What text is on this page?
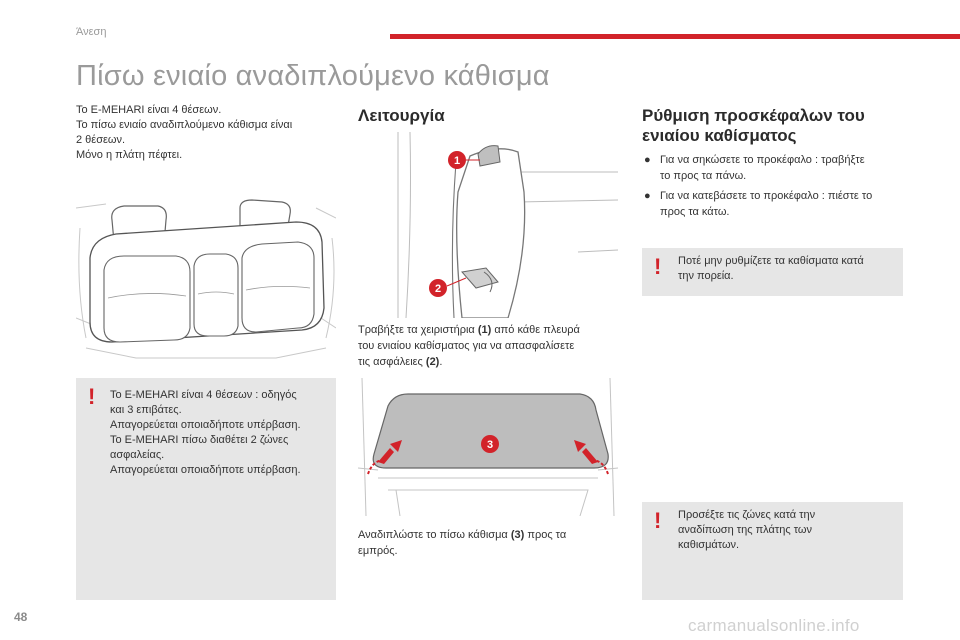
Άνεση
Πίσω ενιαίο αναδιπλούμενο κάθισμα
Το E-MEHARI είναι 4 θέσεων.
Το πίσω ενιαίο αναδιπλούμενο κάθισμα είναι
2 θέσεων.
Μόνο η πλάτη πέφτει.
! Το E-MEHARI είναι 4 θέσεων : οδηγός
και 3 επιβάτες.
Απαγορεύεται οποιαδήποτε υπέρβαση.
Το E-MEHARI πίσω διαθέτει 2 ζώνες
ασφαλείας.
Απαγορεύεται οποιαδήποτε υπέρβαση.
Λειτουργία
1
2
Τραβήξτε τα χειριστήρια (1) από κάθε πλευρά
του ενιαίου καθίσματος για να απασφαλίσετε
τις ασφάλειες (2).
3
Αναδιπλώστε το πίσω κάθισμα (3) προς τα
εμπρός.
Ρύθμιση προσκέφαλων του
ενιαίου καθίσματος
● Για να σηκώσετε το προκέφαλο : τραβήξτε
το προς τα πάνω.
● Για να κατεβάσετε το προκέφαλο : πιέστε το
προς τα κάτω.
! Ποτέ μην ρυθμίζετε τα καθίσματα κατά
την πορεία.
! Προσέξτε τις ζώνες κατά την
αναδίπωση της πλάτης των
καθισμάτων.
48	carmanualsonline.info
